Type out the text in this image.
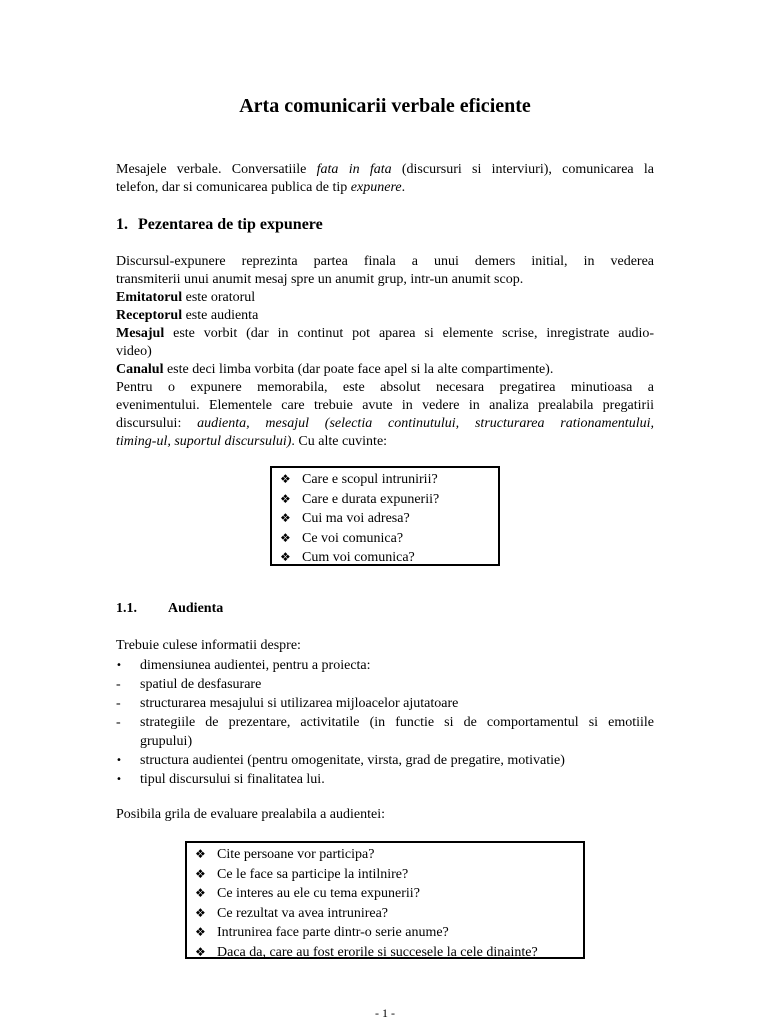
Arta comunicarii verbale eficiente
Mesajele verbale. Conversatiile fata in fata (discursuri si interviuri), comunicarea la
telefon, dar si comunicarea publica de tip expunere.
1. Pezentarea de tip expunere
Discursul-expunere reprezinta partea finala a unui demers initial, in vederea
transmiterii unui anumit mesaj spre un anumit grup, intr-un anumit scop.
Emitatorul este oratorul
Receptorul este audienta
Mesajul este vorbit (dar in continut pot aparea si elemente scrise, inregistrate audio-
video)
Canalul este deci limba vorbita (dar poate face apel si la alte compartimente).
Pentru o expunere memorabila, este absolut necesara pregatirea minutioasa a
evenimentului. Elementele care trebuie avute in vedere in analiza prealabila pregatirii
discursului: audienta, mesajul (selectia continutului, structurarea rationamentului,
timing-ul, suportul discursului). Cu alte cuvinte:
❖ Care e scopul intrunirii?
❖ Care e durata expunerii?
❖ Cui ma voi adresa?
❖ Ce voi comunica?
❖ Cum voi comunica?
1.1. Audienta
Trebuie culese informatii despre:
•	dimensiunea audientei, pentru a proiecta:
-	spatiul de desfasurare
-	structurarea mesajului si utilizarea mijloacelor ajutatoare
-	strategiile de prezentare, activitatile (in functie si de comportamentul si emotiile
grupului)
•	structura audientei (pentru omogenitate, virsta, grad de pregatire, motivatie)
•	tipul discursului si finalitatea lui.
Posibila grila de evaluare prealabila a audientei:
❖ Cite persoane vor participa?
❖ Ce le face sa participe la intilnire?
❖ Ce interes au ele cu tema expunerii?
❖ Ce rezultat va avea intrunirea?
❖ Intrunirea face parte dintr-o serie anume?
❖ Daca da, care au fost erorile si succesele la cele dinainte?
- 1 -
